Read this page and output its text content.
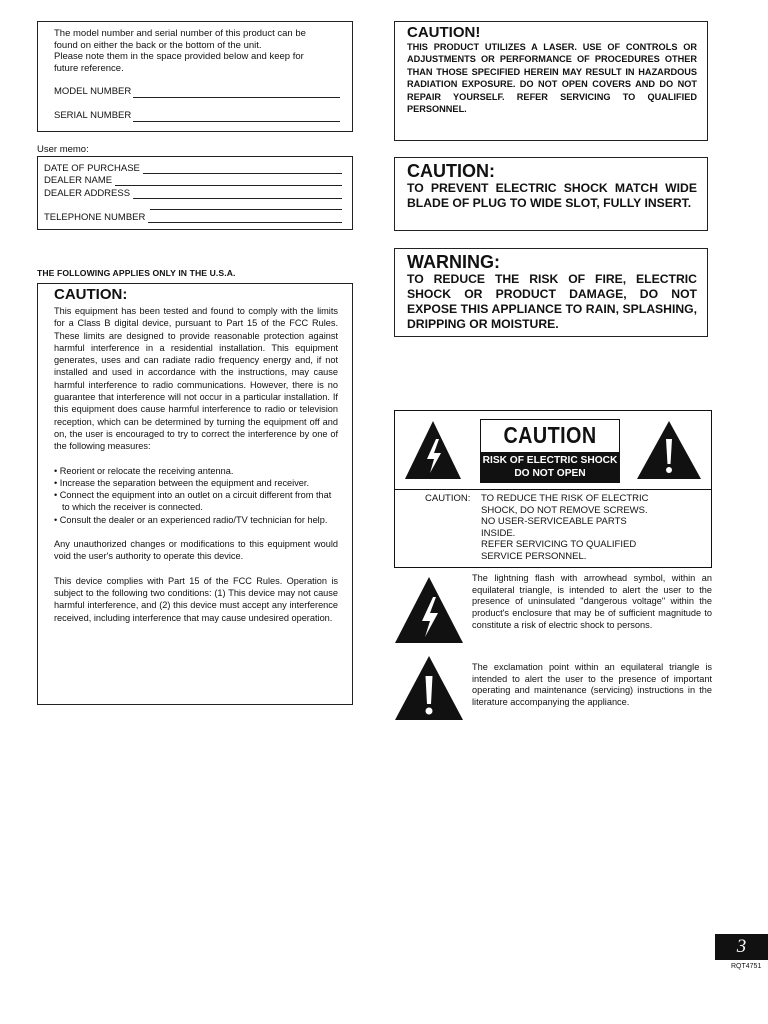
The model number and serial number of this product can be
found on either the back or the bottom of the unit.
Please note them in the space provided below and keep for
future reference.
MODEL NUMBER
SERIAL NUMBER
User memo:
DATE OF PURCHASE
DEALER NAME
DEALER ADDRESS
TELEPHONE NUMBER
THE FOLLOWING APPLIES ONLY IN THE U.S.A.
CAUTION:

This equipment has been tested and found to comply with the limits for a Class B digital device, pursuant to Part 15 of the FCC Rules. These limits are designed to provide reasonable protection against harmful interference in a residential installation. This equipment generates, uses and can radiate radio frequency energy and, if not installed and used in accordance with the instructions, may cause harmful interference to radio communications. However, there is no guarantee that interference will not occur in a particular installation. If this equipment does cause harmful interference to radio or television reception, which can be determined by turning the equipment off and on, the user is encouraged to try to correct the interference by one of the following measures:

• Reorient or relocate the receiving antenna.
• Increase the separation between the equipment and receiver.
• Connect the equipment into an outlet on a circuit different from that to which the receiver is connected.
• Consult the dealer or an experienced radio/TV technician for help.

Any unauthorized changes or modifications to this equipment would void the user's authority to operate this device.

This device complies with Part 15 of the FCC Rules. Operation is subject to the following two conditions: (1) This device may not cause harmful interference, and (2) this device must accept any interference received, including interference that may cause undesired operation.

CAUTION!

THIS PRODUCT UTILIZES A LASER. USE OF CONTROLS OR ADJUSTMENTS OR PERFORMANCE OF PROCEDURES OTHER THAN THOSE SPECIFIED HEREIN MAY RESULT IN HAZARDOUS RADIATION EXPOSURE. DO NOT OPEN COVERS AND DO NOT REPAIR YOURSELF. REFER SERVICING TO QUALIFIED PERSONNEL.

CAUTION:

TO PREVENT ELECTRIC SHOCK MATCH WIDE BLADE OF PLUG TO WIDE SLOT, FULLY INSERT.

WARNING:

TO REDUCE THE RISK OF FIRE, ELECTRIC SHOCK OR PRODUCT DAMAGE, DO NOT EXPOSE THIS APPLIANCE TO RAIN, SPLASHING, DRIPPING OR MOISTURE.

CAUTION
RISK OF ELECTRIC SHOCK
DO NOT OPEN
CAUTION: TO REDUCE THE RISK OF ELECTRIC
SHOCK, DO NOT REMOVE SCREWS.
NO USER-SERVICEABLE PARTS
INSIDE.
REFER SERVICING TO QUALIFIED
SERVICE PERSONNEL.
The lightning flash with arrowhead symbol, within an equilateral triangle, is intended to alert the user to the presence of uninsulated "dangerous voltage" within the product's enclosure that may be of sufficient magnitude to constitute a risk of electric shock to persons.
The exclamation point within an equilateral triangle is intended to alert the user to the presence of important operating and maintenance (servicing) instructions in the literature accompanying the appliance.
3
RQT4751
